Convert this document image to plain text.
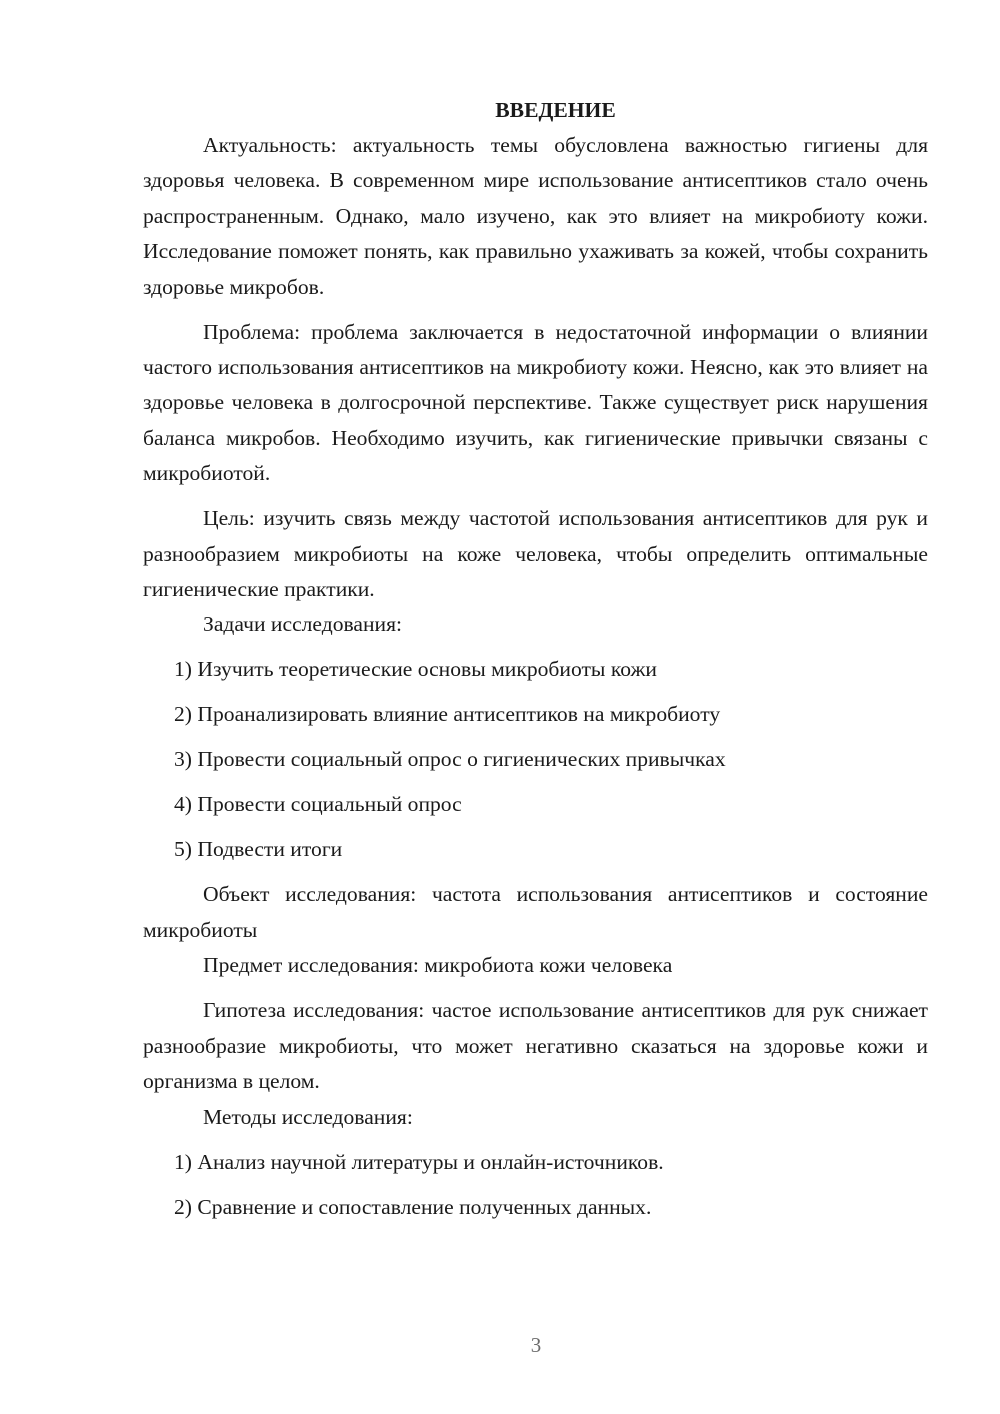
ВВЕДЕНИЕ

Актуальность: актуальность темы обусловлена важностью гигиены для здоровья человека. В современном мире использование антисептиков стало очень распространенным. Однако, мало изучено, как это влияет на микробиоту кожи. Исследование поможет понять, как правильно ухаживать за кожей, чтобы сохранить здоровье микробов.

Проблема: проблема заключается в недостаточной информации о влиянии частого использования антисептиков на микробиоту кожи. Неясно, как это влияет на здоровье человека в долгосрочной перспективе. Также существует риск нарушения баланса микробов. Необходимо изучить, как гигиенические привычки связаны с микробиотой.

Цель: изучить связь между частотой использования антисептиков для рук и разнообразием микробиоты на коже человека, чтобы определить оптимальные гигиенические практики.

Задачи исследования:

1) Изучить теоретические основы микробиоты кожи

2) Проанализировать влияние антисептиков на микробиоту

3) Провести социальный опрос о гигиенических привычках

4) Провести социальный опрос

5) Подвести итоги

Объект исследования: частота использования антисептиков и состояние микробиоты

Предмет исследования: микробиота кожи человека

Гипотеза исследования: частое использование антисептиков для рук снижает разнообразие микробиоты, что может негативно сказаться на здоровье кожи и организма в целом.

Методы исследования:

1) Анализ научной литературы и онлайн-источников.

2) Сравнение и сопоставление полученных данных.

3
